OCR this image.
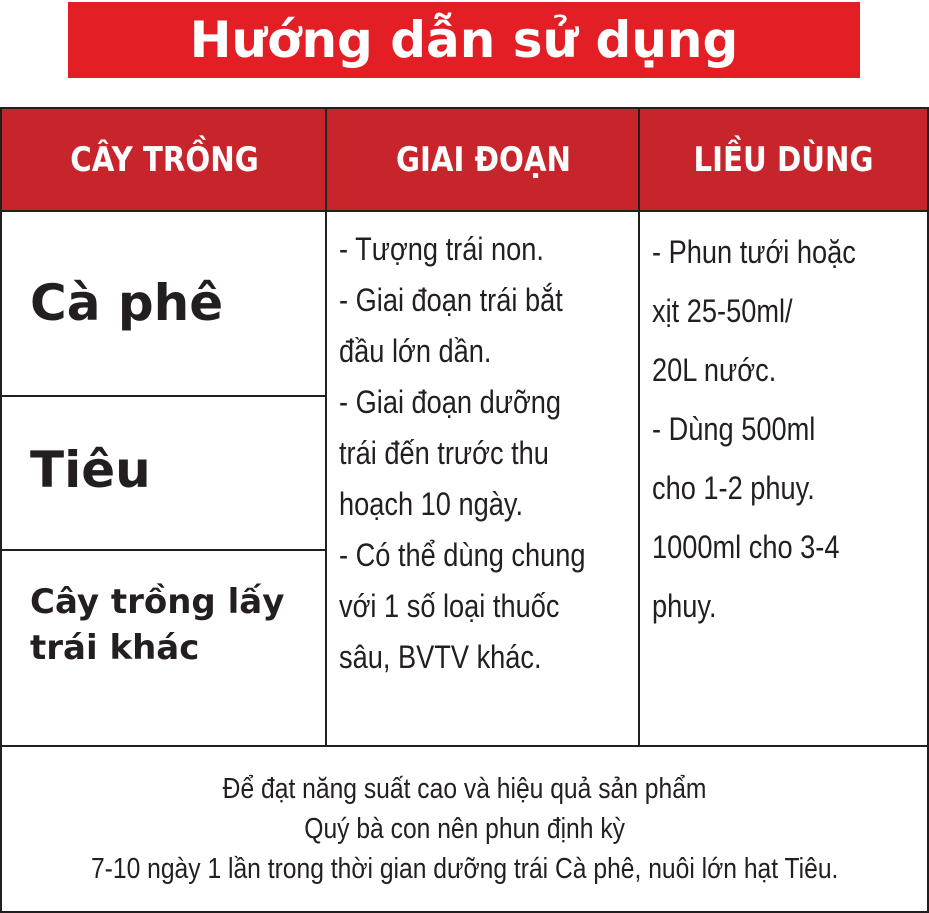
Hướng dẫn sử dụng
CÂY TRỒNG	GIAI ĐOẠN	LIỀU DÙNG
Cà phê
Tiêu
Cây trồng lấy trái khác
- Tượng trái non.
- Giai đoạn trái bắt
đầu lớn dần.
- Giai đoạn dưỡng
trái đến trước thu
hoạch 10 ngày.
- Có thể dùng chung
với 1 số loại thuốc
sâu, BVTV khác.
- Phun tưới hoặc
xịt 25-50ml/
20L nước.
- Dùng 500ml
cho 1-2 phuy.
1000ml cho 3-4
phuy.
Để đạt năng suất cao và hiệu quả sản phẩm
Quý bà con nên phun định kỳ
7-10 ngày 1 lần trong thời gian dưỡng trái Cà phê, nuôi lớn hạt Tiêu.
